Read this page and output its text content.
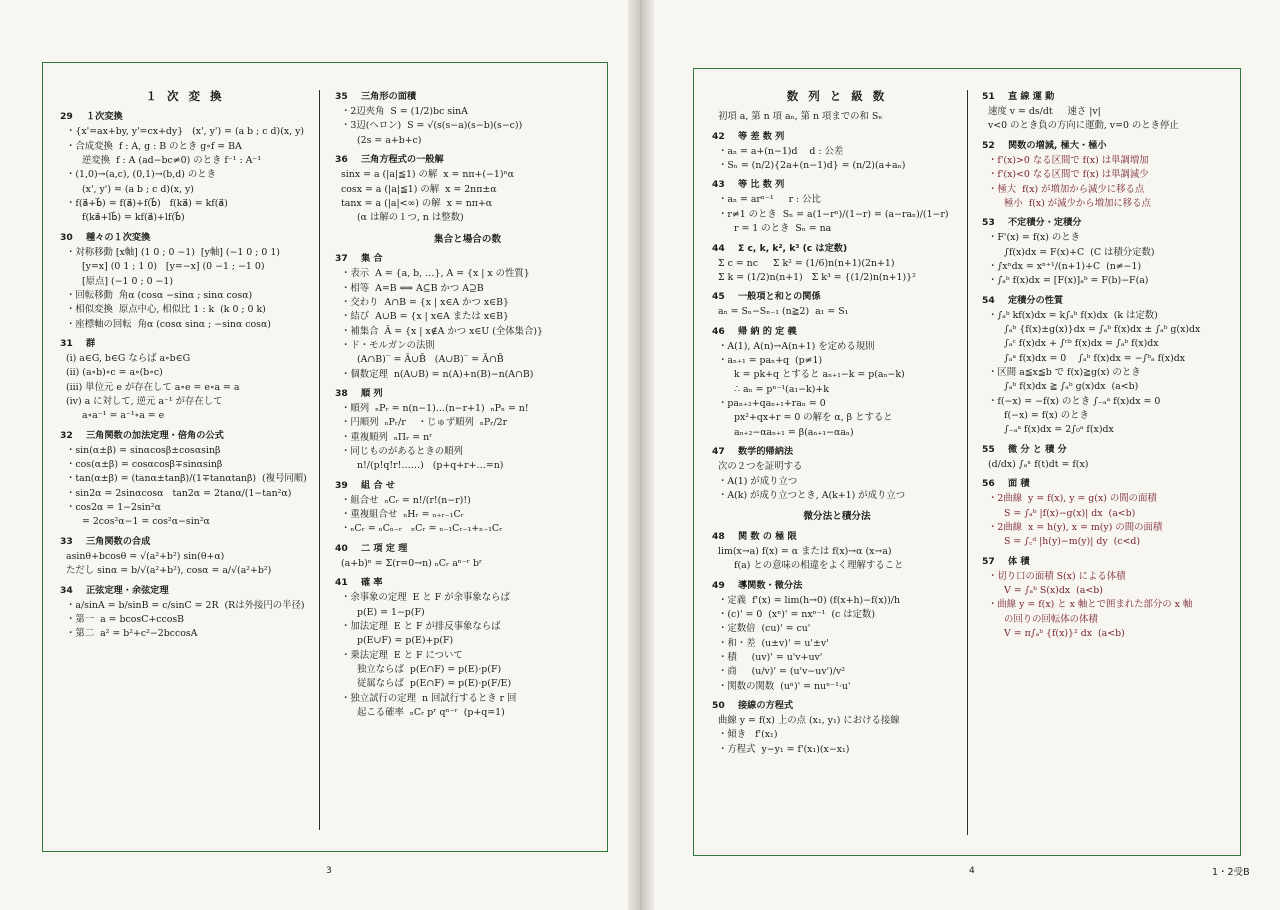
１ 次 変 換
29 １次変換
・{x'=ax+by, y'=cx+dy}   (x', y') = (a b ; c d)(x, y)
・合成変換  f : A, g : B のとき g∘f = BA
逆変換  f : A (ad−bc≠0) のとき f⁻¹ : A⁻¹
・(1,0)→(a,c), (0,1)→(b,d) のとき
(x', y') = (a b ; c d)(x, y)
・f(a⃗+b⃗) = f(a⃗)+f(b⃗)   f(ka⃗) = kf(a⃗)
f(ka⃗+lb⃗) = kf(a⃗)+lf(b⃗)
30 種々の１次変換
・対称移動 [x軸] (1 0 ; 0 −1)  [y軸] (−1 0 ; 0 1)
[y=x] (0 1 ; 1 0)   [y=−x] (0 −1 ; −1 0)
[原点] (−1 0 ; 0 −1)
・回転移動  角α (cosα −sinα ; sinα cosα)
・相似変換  原点中心, 相似比 1 : k  (k 0 ; 0 k)
・座標軸の回転  角α (cosα sinα ; −sinα cosα)
31 群
(ⅰ) a∈G, b∈G ならば a∘b∈G
(ⅱ) (a∘b)∘c = a∘(b∘c)
(ⅲ) 単位元 e が存在して a∘e = e∘a = a
(ⅳ) a に対して, 逆元 a⁻¹ が存在して
a∘a⁻¹ = a⁻¹∘a = e
32 三角関数の加法定理・倍角の公式
・sin(α±β) = sinαcosβ±cosαsinβ
・cos(α±β) = cosαcosβ∓sinαsinβ
・tan(α±β) = (tanα±tanβ)/(1∓tanαtanβ)  (複号同順)
・sin2α = 2sinαcosα   tan2α = 2tanα/(1−tan²α)
・cos2α = 1−2sin²α
= 2cos²α−1 = cos²α−sin²α
33 三角関数の合成
asinθ+bcosθ = √(a²+b²) sin(θ+α)
ただし sinα = b/√(a²+b²), cosα = a/√(a²+b²)
34 正弦定理・余弦定理
・a/sinA = b/sinB = c/sinC = 2R  (Rは外接円の半径)
・第一  a = bcosC+ccosB
・第二  a² = b²+c²−2bccosA
35 三角形の面積
・2辺夾角  S = (1/2)bc sinA
・3辺(ヘロン)  S = √(s(s−a)(s−b)(s−c))
(2s = a+b+c)
36 三角方程式の一般解
sinx = a (|a|≦1) の解  x = nπ+(−1)ⁿα
cosx = a (|a|≦1) の解  x = 2nπ±α
tanx = a (|a|<∞) の解  x = nπ+α
(α は解の１つ, n は整数)
集合と場合の数
37 集 合
・表示  A = {a, b, …}, A = {x | x の性質}
・相等  A=B ⟺ A⊆B かつ A⊇B
・交わり  A∩B = {x | x∈A かつ x∈B}
・結び  A∪B = {x | x∈A または x∈B}
・補集合  Ā = {x | x∉A かつ x∈U (全体集合)}
・ド・モルガンの法則
(A∩B)‾ = Ā∪B̄   (A∪B)‾ = Ā∩B̄
・個数定理  n(A∪B) = n(A)+n(B)−n(A∩B)
38 順 列
・順列  ₙPᵣ = n(n−1)…(n−r+1)  ₙPₙ = n!
・円順列  ₙPᵣ/r    ・じゅず順列  ₙPᵣ/2r
・重複順列  ₙΠᵣ = nʳ
・同じものがあるときの順列
n!/(p!q!r!……)   (p+q+r+…=n)
39 組 合 せ
・組合せ  ₙCᵣ = n!/(r!(n−r)!)
・重複組合せ  ₙHᵣ = ₙ₊ᵣ₋₁Cᵣ
・ₙCᵣ = ₙCₙ₋ᵣ   ₙCᵣ = ₙ₋₁Cᵣ₋₁+ₙ₋₁Cᵣ
40 二 項 定 理
(a+b)ⁿ = Σ(r=0→n) ₙCᵣ aⁿ⁻ʳ bʳ
41 確 率
・余事象の定理  E と F が余事象ならば
p(E) = 1−p(F)
・加法定理  E と F が排反事象ならば
p(E∪F) = p(E)+p(F)
・乗法定理  E と F について
独立ならば  p(E∩F) = p(E)·p(F)
従属ならば  p(E∩F) = p(E)·p(F/E)
・独立試行の定理  n 回試行するとき r 回
起こる確率  ₙCᵣ pʳ qⁿ⁻ʳ  (p+q=1)
数 列 と 級 数
初項 a, 第 n 項 aₙ, 第 n 項までの和 Sₙ
42 等 差 数 列
・aₙ = a+(n−1)d    d : 公差
・Sₙ = (n/2){2a+(n−1)d} = (n/2)(a+aₙ)
43 等 比 数 列
・aₙ = arⁿ⁻¹     r : 公比
・r≠1 のとき  Sₙ = a(1−rⁿ)/(1−r) = (a−raₙ)/(1−r)
r = 1 のとき  Sₙ = na
44 Σ c, k, k², k³ (c は定数)
Σ c = nc     Σ k² = (1/6)n(n+1)(2n+1)
Σ k = (1/2)n(n+1)   Σ k³ = {(1/2)n(n+1)}²
45 一般項と和との関係
aₙ = Sₙ−Sₙ₋₁ (n≧2)  a₁ = S₁
46 帰 納 的 定 義
・A(1), A(n)→A(n+1) を定める規則
・aₙ₊₁ = paₙ+q  (p≠1)
k = pk+q とすると aₙ₊₁−k = p(aₙ−k)
∴ aₙ = pⁿ⁻¹(a₁−k)+k
・paₙ₊₂+qaₙ₊₁+raₙ = 0
px²+qx+r = 0 の解を α, β とすると
aₙ₊₂−αaₙ₊₁ = β(aₙ₊₁−αaₙ)
47 数学的帰納法
次の２つを証明する
・A(1) が成り立つ
・A(k) が成り立つとき, A(k+1) が成り立つ
微分法と積分法
48 関 数 の 極 限
lim(x→a) f(x) = α または f(x)→α (x→a)
f(a) との意味の相違をよく理解すること
49 導関数・微分法
・定義  f'(x) = lim(h→0) (f(x+h)−f(x))/h
・(c)' = 0  (xⁿ)' = nxⁿ⁻¹  (c は定数)
・定数倍  (cu)' = cu'
・和・差  (u±v)' = u'±v'
・積     (uv)' = u'v+uv'
・商     (u/v)' = (u'v−uv')/v²
・関数の関数  (uⁿ)' = nuⁿ⁻¹·u'
50 接線の方程式
曲線 y = f(x) 上の点 (x₁, y₁) における接線
・傾き   f'(x₁)
・方程式  y−y₁ = f'(x₁)(x−x₁)
51 直 線 運 動
速度 v = ds/dt     速さ |v|
v<0 のとき負の方向に運動, v=0 のとき停止
52 関数の増減, 極大・極小
・f'(x)>0 なる区間で f(x) は単調増加
・f'(x)<0 なる区間で f(x) は単調減少
・極大  f(x) が増加から減少に移る点
極小  f(x) が減少から増加に移る点
53 不定積分・定積分
・F'(x) = f(x) のとき
∫f(x)dx = F(x)+C  (C は積分定数)
・∫xⁿdx = xⁿ⁺¹/(n+1)+C  (n≠−1)
・∫ₐᵇ f(x)dx = [F(x)]ₐᵇ = F(b)−F(a)
54 定積分の性質
・∫ₐᵇ kf(x)dx = k∫ₐᵇ f(x)dx  (k は定数)
∫ₐᵇ {f(x)±g(x)}dx = ∫ₐᵇ f(x)dx ± ∫ₐᵇ g(x)dx
∫ₐᶜ f(x)dx + ∫ᶜᵇ f(x)dx = ∫ₐᵇ f(x)dx
∫ₐᵃ f(x)dx = 0    ∫ₐᵇ f(x)dx = −∫ᵇₐ f(x)dx
・区間 a≦x≦b で f(x)≧g(x) のとき
∫ₐᵇ f(x)dx ≧ ∫ₐᵇ g(x)dx  (a<b)
・f(−x) = −f(x) のとき ∫₋ₐᵃ f(x)dx = 0
f(−x) = f(x) のとき
∫₋ₐᵃ f(x)dx = 2∫₀ᵃ f(x)dx
55 微 分 と 積 分
(d/dx) ∫ₐˣ f(t)dt = f(x)
56 面 積
・2曲線  y = f(x), y = g(x) の間の面積
S = ∫ₐᵇ |f(x)−g(x)| dx  (a<b)
・2曲線  x = h(y), x = m(y) の間の面積
S = ∫꜀ᵈ |h(y)−m(y)| dy  (c<d)
57 体 積
・切り口の面積 S(x) による体積
V = ∫ₐᵇ S(x)dx  (a<b)
・曲線 y = f(x) と x 軸とで囲まれた部分の x 軸
の回りの回転体の体積
V = π∫ₐᵇ {f(x)}² dx  (a<b)
3	4	1・2受B
